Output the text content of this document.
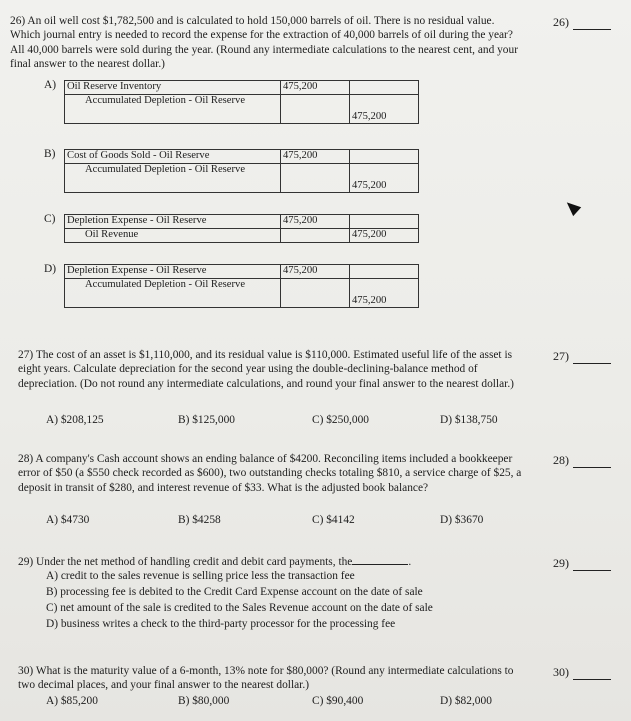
26) An oil well cost $1,782,500 and is calculated to hold 150,000 barrels of oil. There is no residual value. Which journal entry is needed to record the expense for the extraction of 40,000 barrels of oil during the year? All 40,000 barrels were sold during the year. (Round any intermediate calculations to the nearest cent, and your final answer to the nearest dollar.)
26)
A) Oil Reserve Inventory	475,200	

Accumulated Depletion - Oil Reserve		475,200
B) Cost of Goods Sold - Oil Reserve	475,200	

Accumulated Depletion - Oil Reserve		475,200
C) Depletion Expense - Oil Reserve	475,200	

Oil Revenue		475,200
D) Depletion Expense - Oil Reserve	475,200	

Accumulated Depletion - Oil Reserve		475,200
27) The cost of an asset is $1,110,000, and its residual value is $110,000. Estimated useful life of the asset is eight years. Calculate depreciation for the second year using the double-declining-balance method of depreciation. (Do not round any intermediate calculations, and round your final answer to the nearest dollar.)
27)
A) $208,125	B) $125,000	C) $250,000	D) $138,750
28) A company's Cash account shows an ending balance of $4200. Reconciling items included a bookkeeper error of $50 (a $550 check recorded as $600), two outstanding checks totaling $810, a service charge of $25, a deposit in transit of $280, and interest revenue of $33. What is the adjusted book balance?
28)
A) $4730	B) $4258	C) $4142	D) $3670
29) Under the net method of handling credit and debit card payments, the	.	29)
A) credit to the sales revenue is selling price less the transaction fee
B) processing fee is debited to the Credit Card Expense account on the date of sale
C) net amount of the sale is credited to the Sales Revenue account on the date of sale
D) business writes a check to the third-party processor for the processing fee
30) What is the maturity value of a 6-month, 13% note for $80,000? (Round any intermediate calculations to two decimal places, and your final answer to the nearest dollar.)
30)
A) $85,200	B) $80,000	C) $90,400	D) $82,000
